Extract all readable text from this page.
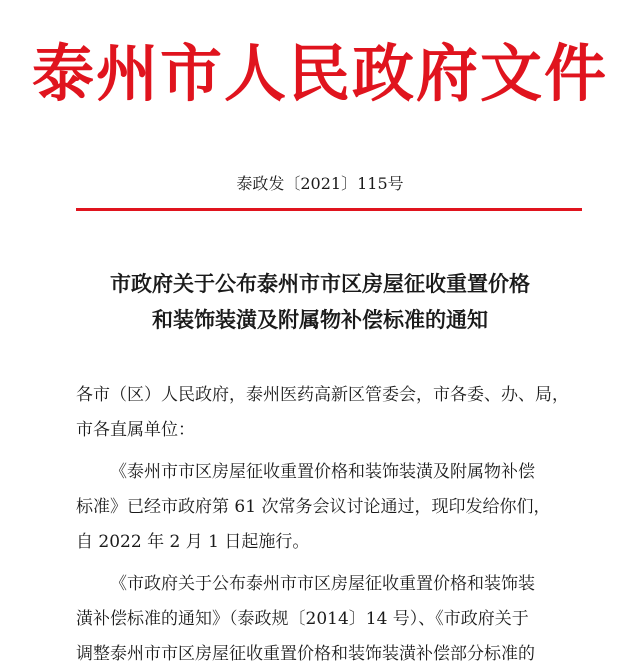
泰州市人民政府文件
泰政发〔2021〕115号
市政府关于公布泰州市市区房屋征收重置价格
和装饰装潢及附属物补偿标准的通知
各市（区）人民政府，泰州医药高新区管委会，市各委、办、局，
市各直属单位：
《泰州市市区房屋征收重置价格和装饰装潢及附属物补偿
标准》已经市政府第 61 次常务会议讨论通过，现印发给你们，
自 2022 年 2 月 1 日起施行。
《市政府关于公布泰州市市区房屋征收重置价格和装饰装
潢补偿标准的通知》（泰政规〔2014〕14 号）、《市政府关于
调整泰州市市区房屋征收重置价格和装饰装潢补偿部分标准的
